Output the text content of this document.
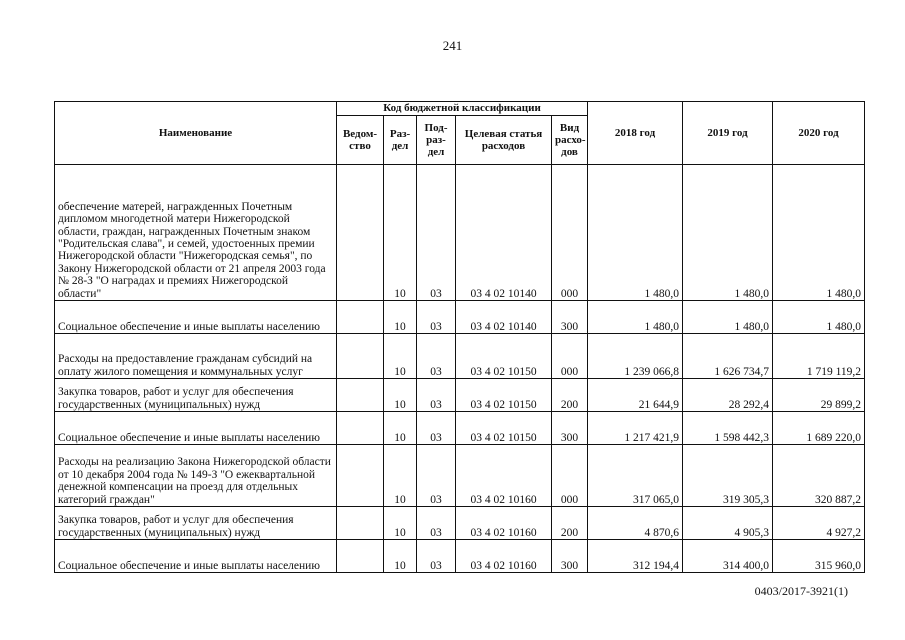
241
Наименование	Код бюджетной классификации					2018 год	2019 год	2020 год
	Ведом-ство	Раз-дел	Под-раз-дел	Целевая статья расходов	Вид расхо-дов			
обеспечение матерей, награжденных Почетным дипломом многодетной матери Нижегородской области, граждан, награжденных Почетным знаком "Родительская слава", и семей, удостоенных премии Нижегородской области "Нижегородская семья", по Закону Нижегородской области от 21 апреля 2003 года № 28-З "О наградах и премиях Нижегородской области"		10	03	03 4 02 10140	000	1 480,0	1 480,0	1 480,0
Социальное обеспечение и иные выплаты населению		10	03	03 4 02 10140	300	1 480,0	1 480,0	1 480,0
Расходы на предоставление гражданам субсидий на оплату жилого помещения и коммунальных услуг		10	03	03 4 02 10150	000	1 239 066,8	1 626 734,7	1 719 119,2
Закупка товаров, работ и услуг для обеспечения государственных (муниципальных) нужд		10	03	03 4 02 10150	200	21 644,9	28 292,4	29 899,2
Социальное обеспечение и иные выплаты населению		10	03	03 4 02 10150	300	1 217 421,9	1 598 442,3	1 689 220,0
Расходы на реализацию Закона Нижегородской области от 10 декабря 2004 года № 149-З "О ежеквартальной денежной компенсации на проезд для отдельных категорий граждан"		10	03	03 4 02 10160	000	317 065,0	319 305,3	320 887,2
Закупка товаров, работ и услуг для обеспечения государственных (муниципальных) нужд		10	03	03 4 02 10160	200	4 870,6	4 905,3	4 927,2
Социальное обеспечение и иные выплаты населению		10	03	03 4 02 10160	300	312 194,4	314 400,0	315 960,0
0403/2017-3921(1)
